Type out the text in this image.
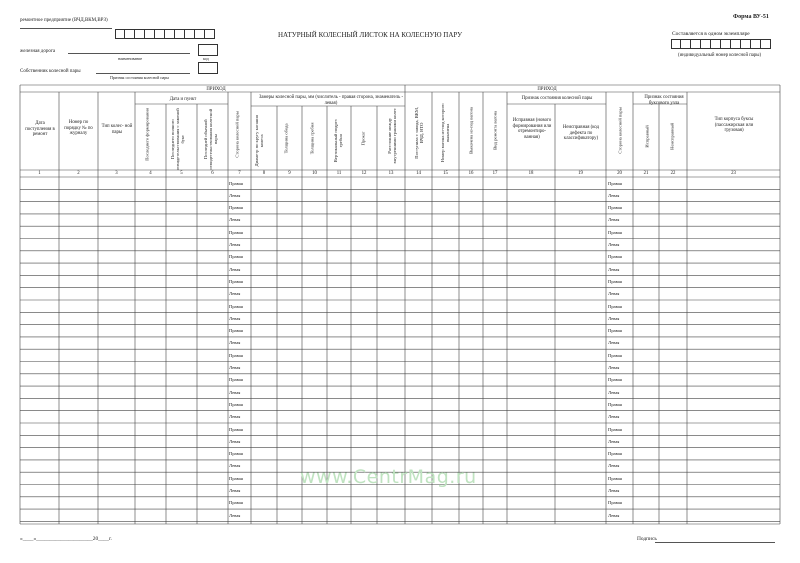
ремонтное предприятие (ВЧД,ВКМ,ВРЗ)
железная дорога
наименование	код
Собственник колесной пары
Признак состояния колесной пары
НАТУРНЫЙ КОЛЕСНЫЙ ЛИСТОК НА КОЛЕСНУЮ ПАРУ
Форма ВУ-51
Составляется в одном экземпляре
(индивидуальный номер колесной пары)
ПРИХОД	ПРИХОД
Дата поступления в ремонт
Номер по порядку № по журналу
Тип колес- ной пары
Дата и пункт
Последнего формирования	Последнего полного освидетельствования с заменой букс	Последней обычной освидетельствования колесной пары	Сторона колесной пары
Замеры колесной пары, мм (числитель - правая сторона, знаменатель - левая)
Диаметр по кругу катания колеса	Толщина обода	Толщина гребня	Вертикальный подрез гребня	Прокат	Расстояние между внутренними гранями колес	Поступила с завода, ВКМ, ВЧД, НТО	Номер вагона из-под которого выкачена	Выкачена из-под вагона	Вид ремонта вагона
Признак состояния колесной пары
Исправная (нового формирования или отремонтиро- ванная)
Неисправная (код дефекта по классификатору)	Сторона колесной пары
Признак состояния буксового узла
Исправный	Неисправный
Тип корпуса буксы (пассажирская или грузовая)
1	2	3	4	5	6	7	8	9	10	11	12	13	14	15	16	17	18	19	20	21	22	23
Правая	Правая
Левая	Левая
Правая	Правая
Левая	Левая
Правая	Правая
Левая	Левая
Правая	Правая
Левая	Левая
Правая	Правая
Левая	Левая
Правая	Правая
Левая	Левая
Правая	Правая
Левая	Левая
Правая	Правая
Левая	Левая
Правая	Правая
Левая	Левая
Правая	Правая
Левая	Левая
Правая	Правая
Левая	Левая
Правая	Правая
Левая	Левая
Правая	Правая
Левая	Левая
Правая	Правая
Левая	Левая
www.CentrMag.ru
«____»_____________________20____г.	Подпись
